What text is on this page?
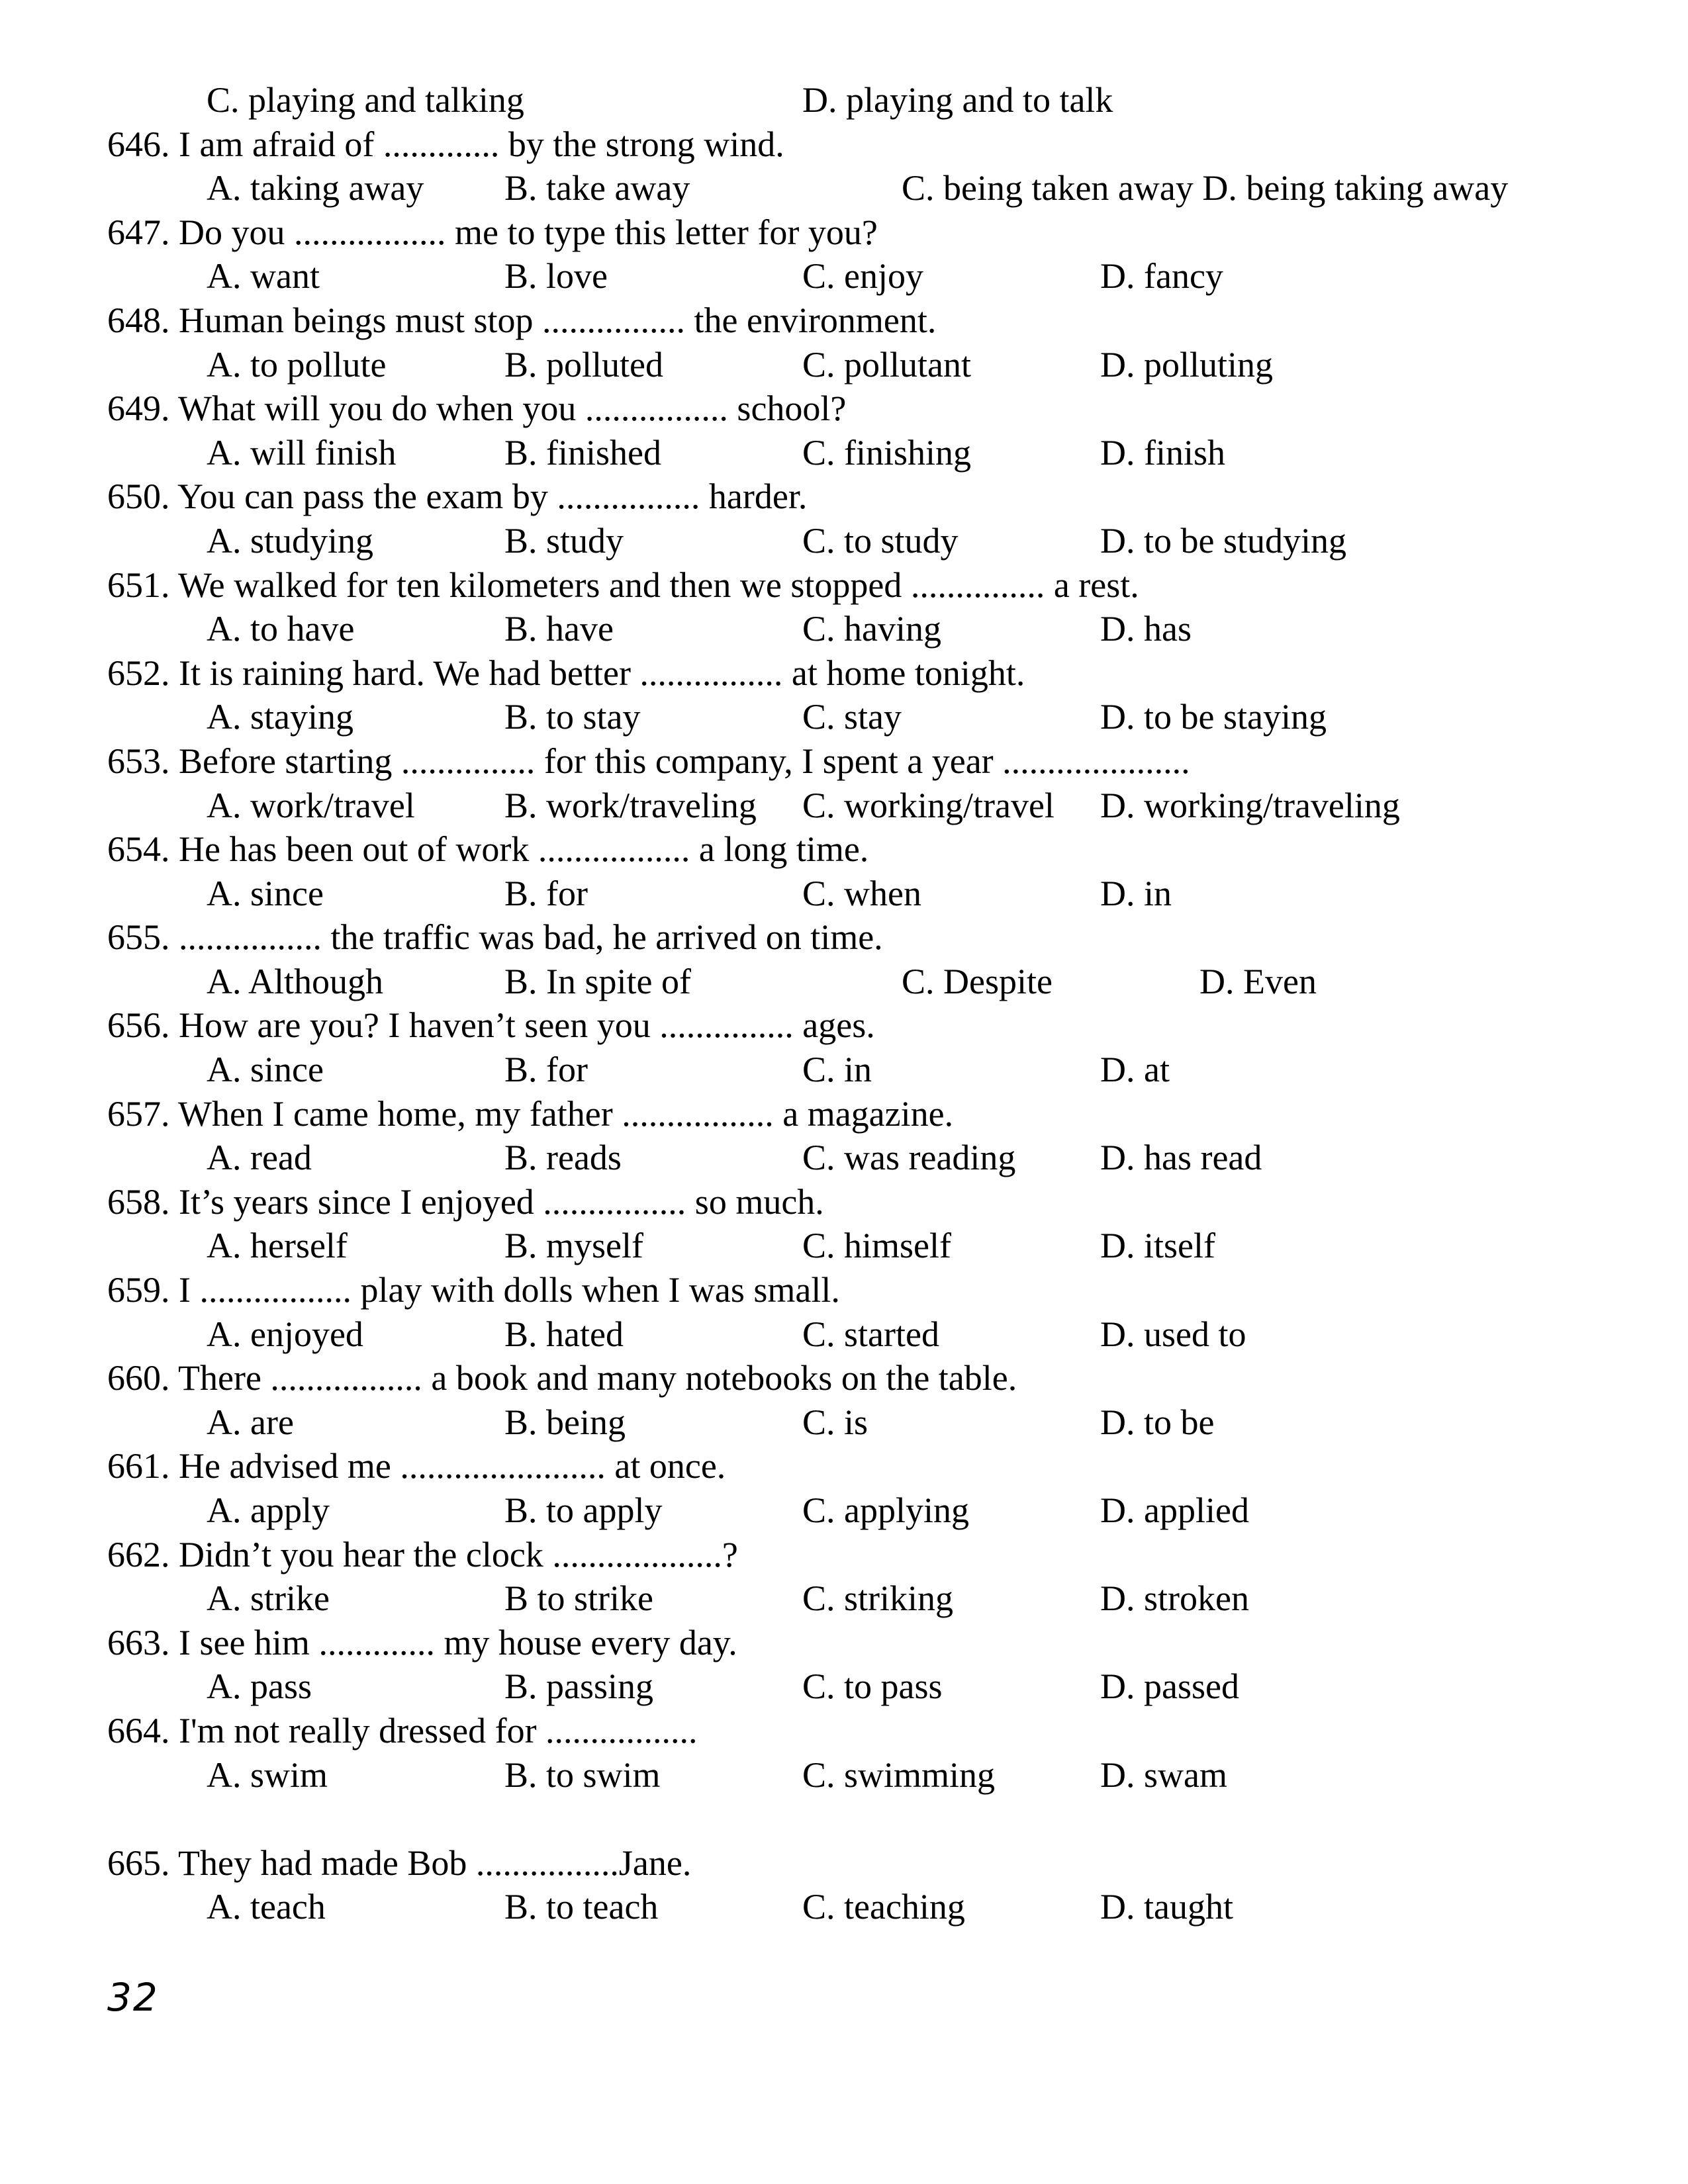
C. playing and talking	D. playing and to talk
646. I am afraid of ............. by the strong wind.
A. taking away B. take away	C. being taken away D. being taking away
647. Do you ................. me to type this letter for you?
A. want	B. love	C. enjoy	D. fancy
648. Human beings must stop ................ the environment.
A. to pollute	B. polluted	C. pollutant	D. polluting
649. What will you do when you ................ school?
A. will finish	B. finished	C. finishing	D. finish
650. You can pass the exam by ................ harder.
A. studying	B. study	C. to study	D. to be studying
651. We walked for ten kilometers and then we stopped ............... a rest.
A. to have	B. have	C. having	D. has
652. It is raining hard. We had better ................ at home tonight.
A. staying	B. to stay	C. stay	D. to be staying
653. Before starting ............... for this company, I spent a year .....................
A. work/travel	B. work/traveling C. working/travel D. working/traveling
654. He has been out of work ................. a long time.
A. since	B. for	C. when	D. in
655. ................ the traffic was bad, he arrived on time.
A. Although	B. In spite of	C. Despite	D. Even
656. How are you? I haven’t seen you ............... ages.
A. since	B. for	C. in	D. at
657. When I came home, my father ................. a magazine.
A. read	B. reads	C. was reading D. has read
658. It’s years since I enjoyed ................ so much.
A. herself	B. myself	C. himself	D. itself
659. I ................. play with dolls when I was small.
A. enjoyed	B. hated	C. started	D. used to
660. There ................. a book and many notebooks on the table.
A. are	B. being	C. is	D. to be
661. He advised me ....................... at once.
A. apply	B. to apply	C. applying	D. applied
662. Didn’t you hear the clock ...................?
A. strike	B to strike	C. striking	D. stroken
663. I see him ............. my house every day.
A. pass	B. passing	C. to pass	D. passed
664. I'm not really dressed for .................
A. swim	B. to swim	C. swimming	D. swam
665. They had made Bob ................Jane.
A. teach	B. to teach	C. teaching	D. taught
32
